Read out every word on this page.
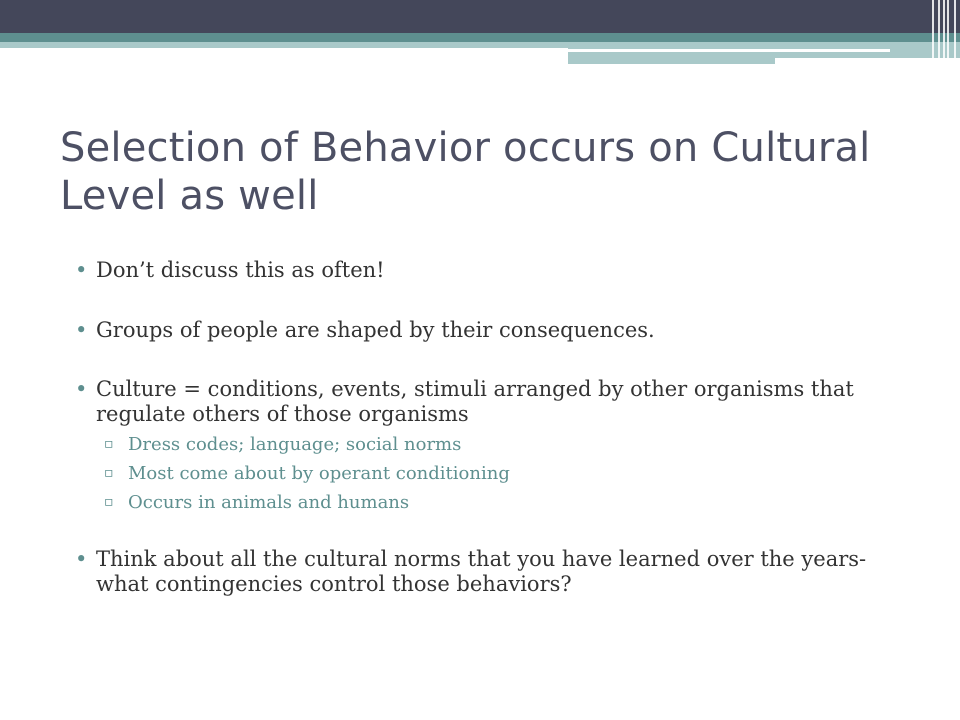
Selection of Behavior occurs on Cultural Level as well
• Don’t discuss this as often!
• Groups of people are shaped by their consequences.
• Culture = conditions, events, stimuli arranged by other organisms that regulate others of those organisms
▫ Dress codes; language; social norms
▫ Most come about by operant conditioning
▫ Occurs in animals and humans
• Think about all the cultural norms that you have learned over the years- what contingencies control those behaviors?
